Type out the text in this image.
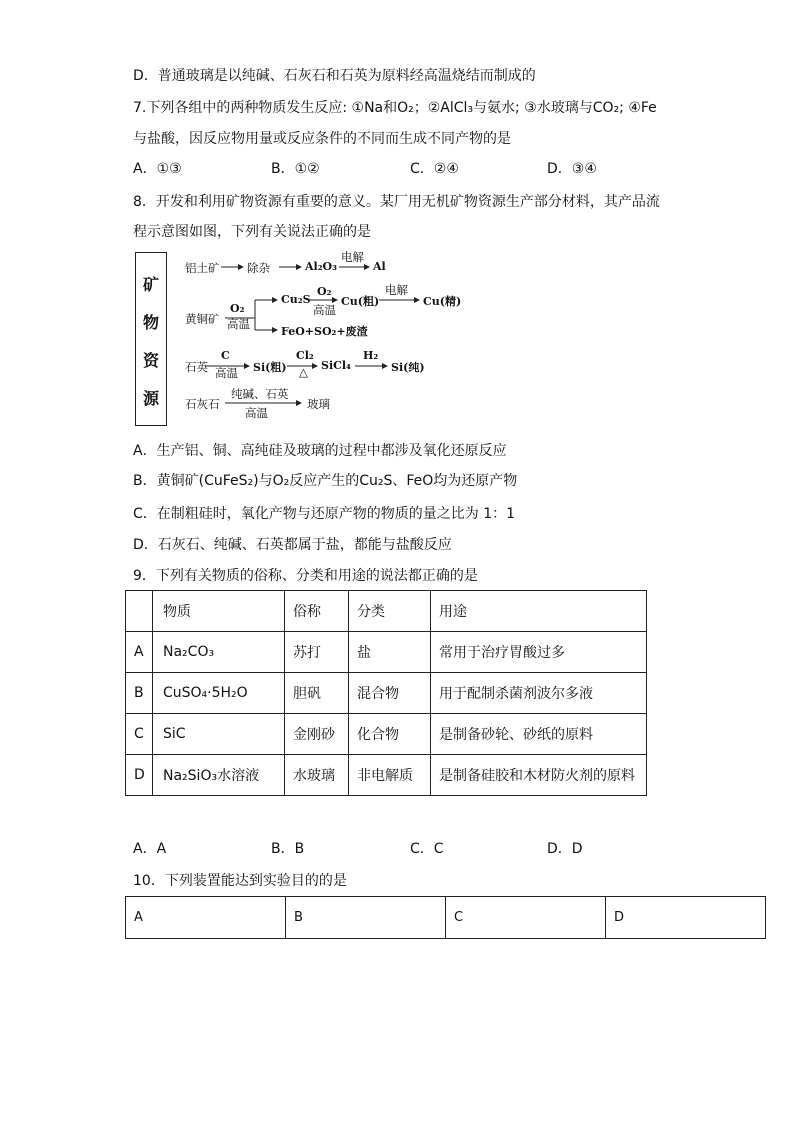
D．普通玻璃是以纯碱、石灰石和石英为原料经高温烧结而制成的
7.下列各组中的两种物质发生反应: ①Na和O₂；②AlCl₃与氨水; ③水玻璃与CO₂; ④Fe
与盐酸，因反应物用量或反应条件的不同而生成不同产物的是
A．①③	B．①②	C．②④	D．③④
8．开发和利用矿物资源有重要的意义。某厂用无机矿物资源生产部分材料，其产品流
程示意图如图，下列有关说法正确的是
矿
物
资
源
铝土矿 除杂	Al₂O₃
电解
Al
黄铜矿
O₂
高温
Cu₂S
O₂
高温
Cu(粗)
电解
Cu(精)
FeO+SO₂+废渣
石英
C
高温 Si(粗)
Cl₂
△ SiCl₄
H₂
Si(纯)
石灰石
纯碱、石英
高温
玻璃
A．生产铝、铜、高纯硅及玻璃的过程中都涉及氧化还原反应
B．黄铜矿(CuFeS₂)与O₂反应产生的Cu₂S、FeO均为还原产物
C．在制粗硅时，氧化产物与还原产物的物质的量之比为 1：1
D．石灰石、纯碱、石英都属于盐，都能与盐酸反应
9．下列有关物质的俗称、分类和用途的说法都正确的是
	物质	俗称	分类	用途
A	Na₂CO₃	苏打	盐	常用于治疗胃酸过多
B	CuSO₄·5H₂O	胆矾	混合物	用于配制杀菌剂波尔多液
C	SiC	金刚砂	化合物	是制备砂轮、砂纸的原料
D	Na₂SiO₃水溶液	水玻璃	非电解质	是制备硅胶和木材防火剂的原料
A．A	B．B	C．C	D．D
10．下列装置能达到实验目的的是
A	B	C	D
